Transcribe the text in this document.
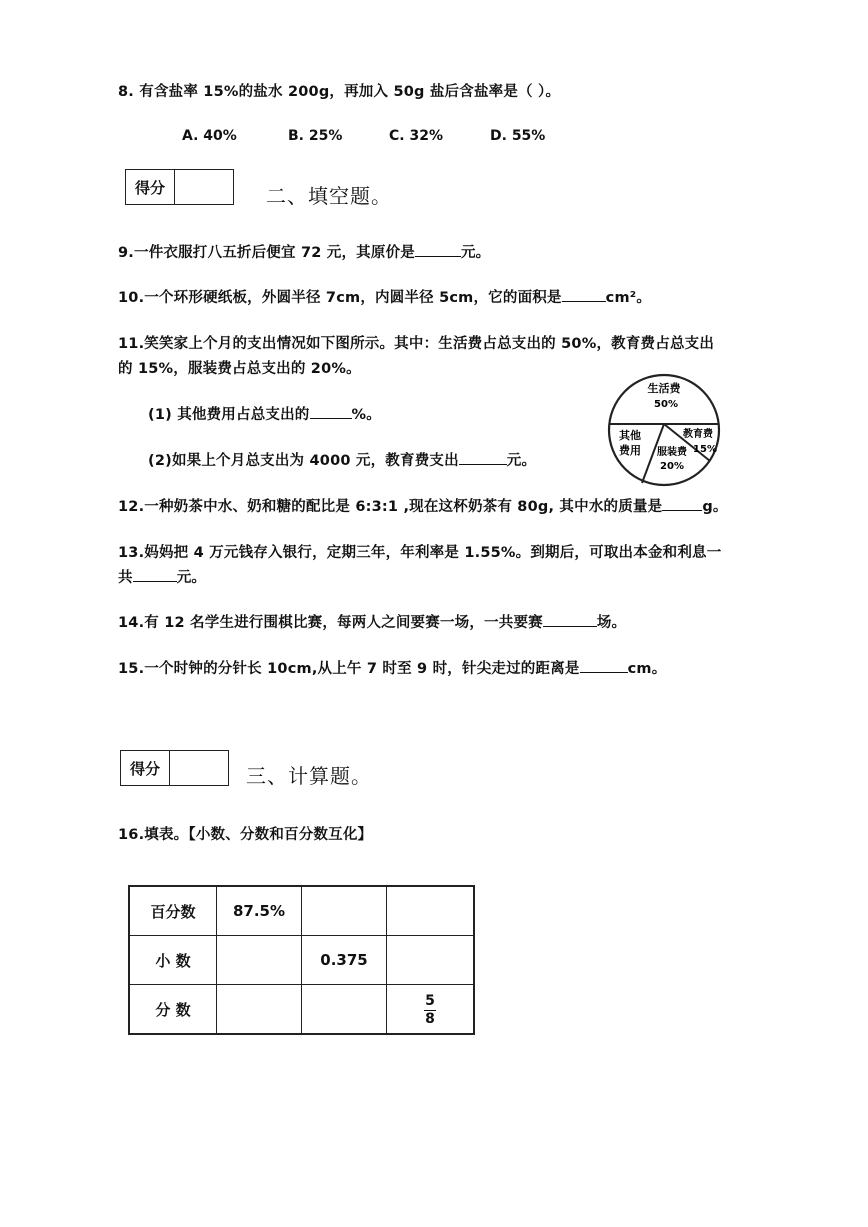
8. 有含盐率 15%的盐水 200g，再加入 50g 盐后含盐率是（ ）。
A. 40%	B. 25%	C. 32%	D. 55%
得分	二、填空题。
9.一件衣服打八五折后便宜 72 元，其原价是	元。
10.一个环形硬纸板，外圆半径 7cm，内圆半径 5cm，它的面积是	cm²。
11.笑笑家上个月的支出情况如下图所示。其中：生活费占总支出的 50%，教育费占总支出
的 15%，服装费占总支出的 20%。
(1) 其他费用占总支出的	%。
(2)如果上个月总支出为 4000 元，教育费支出	元。
生活费
50%
其他
费用
教育费
15%
服装费
20%
12.一种奶茶中水、奶和糖的配比是 6:3:1 ,现在这杯奶茶有 80g, 其中水的质量是	g。
13.妈妈把 4 万元钱存入银行，定期三年，年利率是 1.55%。到期后，可取出本金和利息一
共	元。
14.有 12 名学生进行围棋比赛，每两人之间要赛一场，一共要赛	场。
15.一个时钟的分针长 10cm,从上午 7 时至 9 时，针尖走过的距离是	cm。
得分	三、计算题。
16.填表。【小数、分数和百分数互化】
百分数	87.5%		
小 数		0.375	
分 数			$\frac{5}{8}$
